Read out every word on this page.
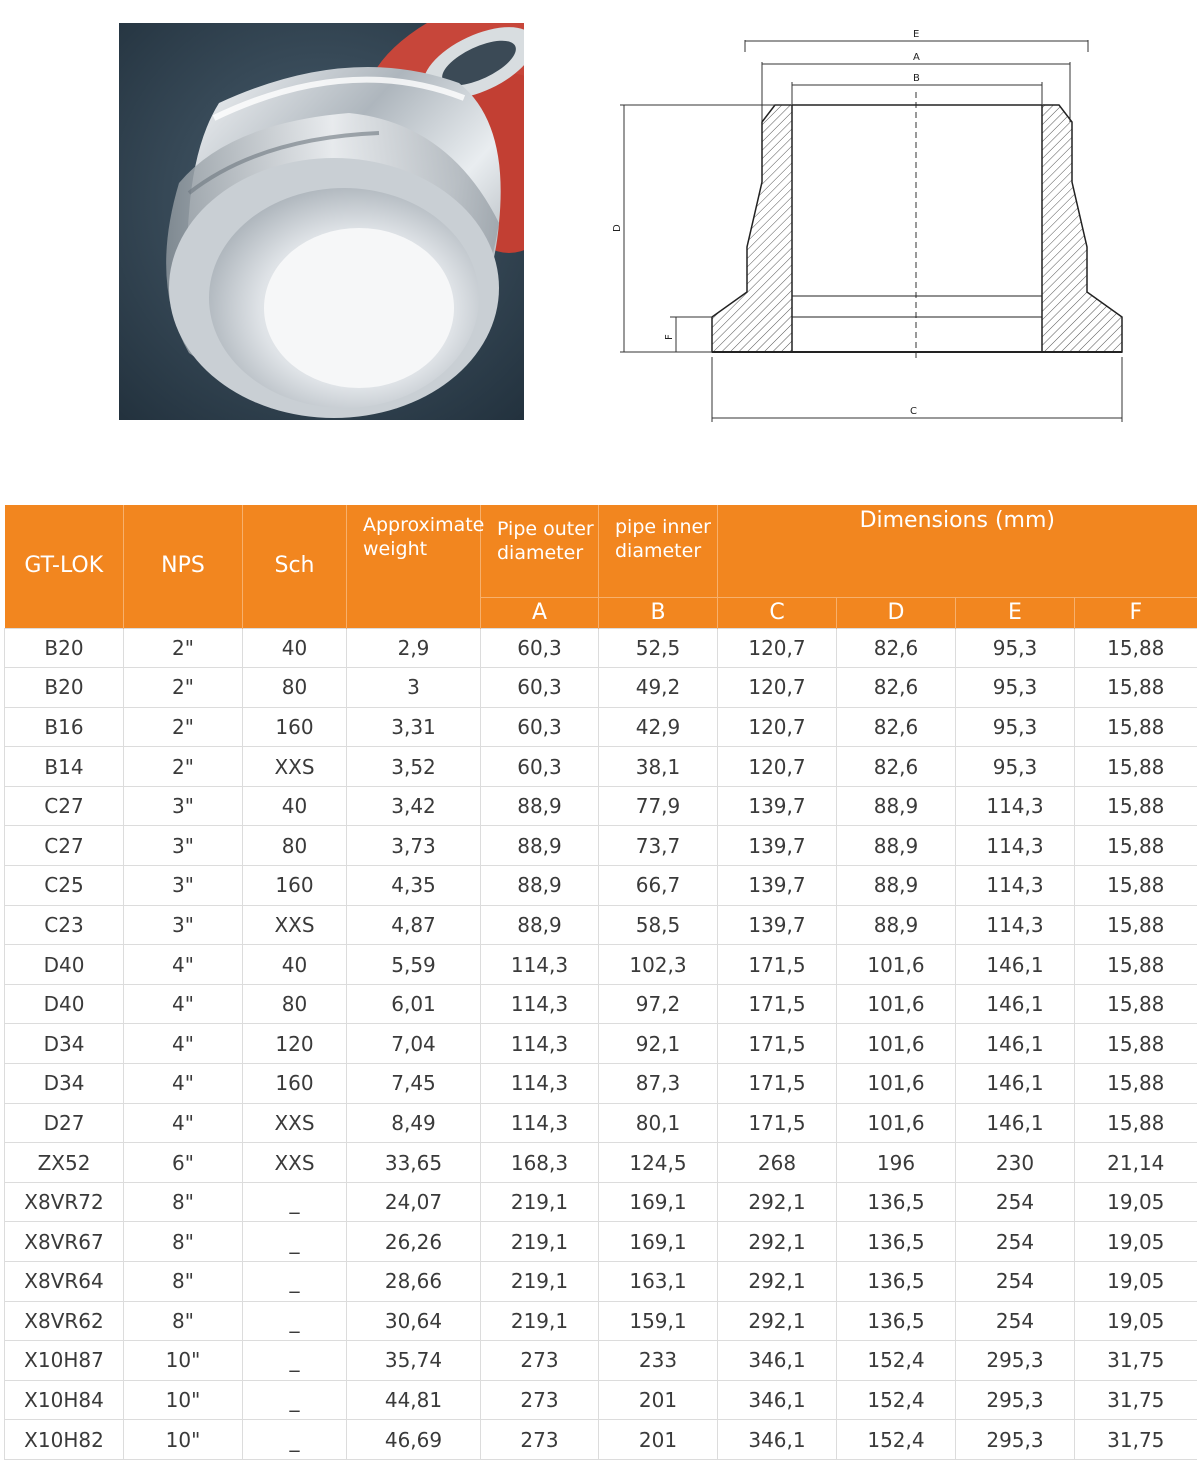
E
A
B
D
F
C
GT-LOK	NPS	Sch	Approximate weight	Pipe outer diameter	pipe inner diameter	Dimensions (mm)			
				A	B	C	D	E	F
B20	2"	40	2,9	60,3	52,5	120,7	82,6	95,3	15,88
B20	2"	80	3	60,3	49,2	120,7	82,6	95,3	15,88
B16	2"	160	3,31	60,3	42,9	120,7	82,6	95,3	15,88
B14	2"	XXS	3,52	60,3	38,1	120,7	82,6	95,3	15,88
C27	3"	40	3,42	88,9	77,9	139,7	88,9	114,3	15,88
C27	3"	80	3,73	88,9	73,7	139,7	88,9	114,3	15,88
C25	3"	160	4,35	88,9	66,7	139,7	88,9	114,3	15,88
C23	3"	XXS	4,87	88,9	58,5	139,7	88,9	114,3	15,88
D40	4"	40	5,59	114,3	102,3	171,5	101,6	146,1	15,88
D40	4"	80	6,01	114,3	97,2	171,5	101,6	146,1	15,88
D34	4"	120	7,04	114,3	92,1	171,5	101,6	146,1	15,88
D34	4"	160	7,45	114,3	87,3	171,5	101,6	146,1	15,88
D27	4"	XXS	8,49	114,3	80,1	171,5	101,6	146,1	15,88
ZX52	6"	XXS	33,65	168,3	124,5	268	196	230	21,14
X8VR72	8"	_	24,07	219,1	169,1	292,1	136,5	254	19,05
X8VR67	8"	_	26,26	219,1	169,1	292,1	136,5	254	19,05
X8VR64	8"	_	28,66	219,1	163,1	292,1	136,5	254	19,05
X8VR62	8"	_	30,64	219,1	159,1	292,1	136,5	254	19,05
X10H87	10"	_	35,74	273	233	346,1	152,4	295,3	31,75
X10H84	10"	_	44,81	273	201	346,1	152,4	295,3	31,75
X10H82	10"	_	46,69	273	201	346,1	152,4	295,3	31,75
